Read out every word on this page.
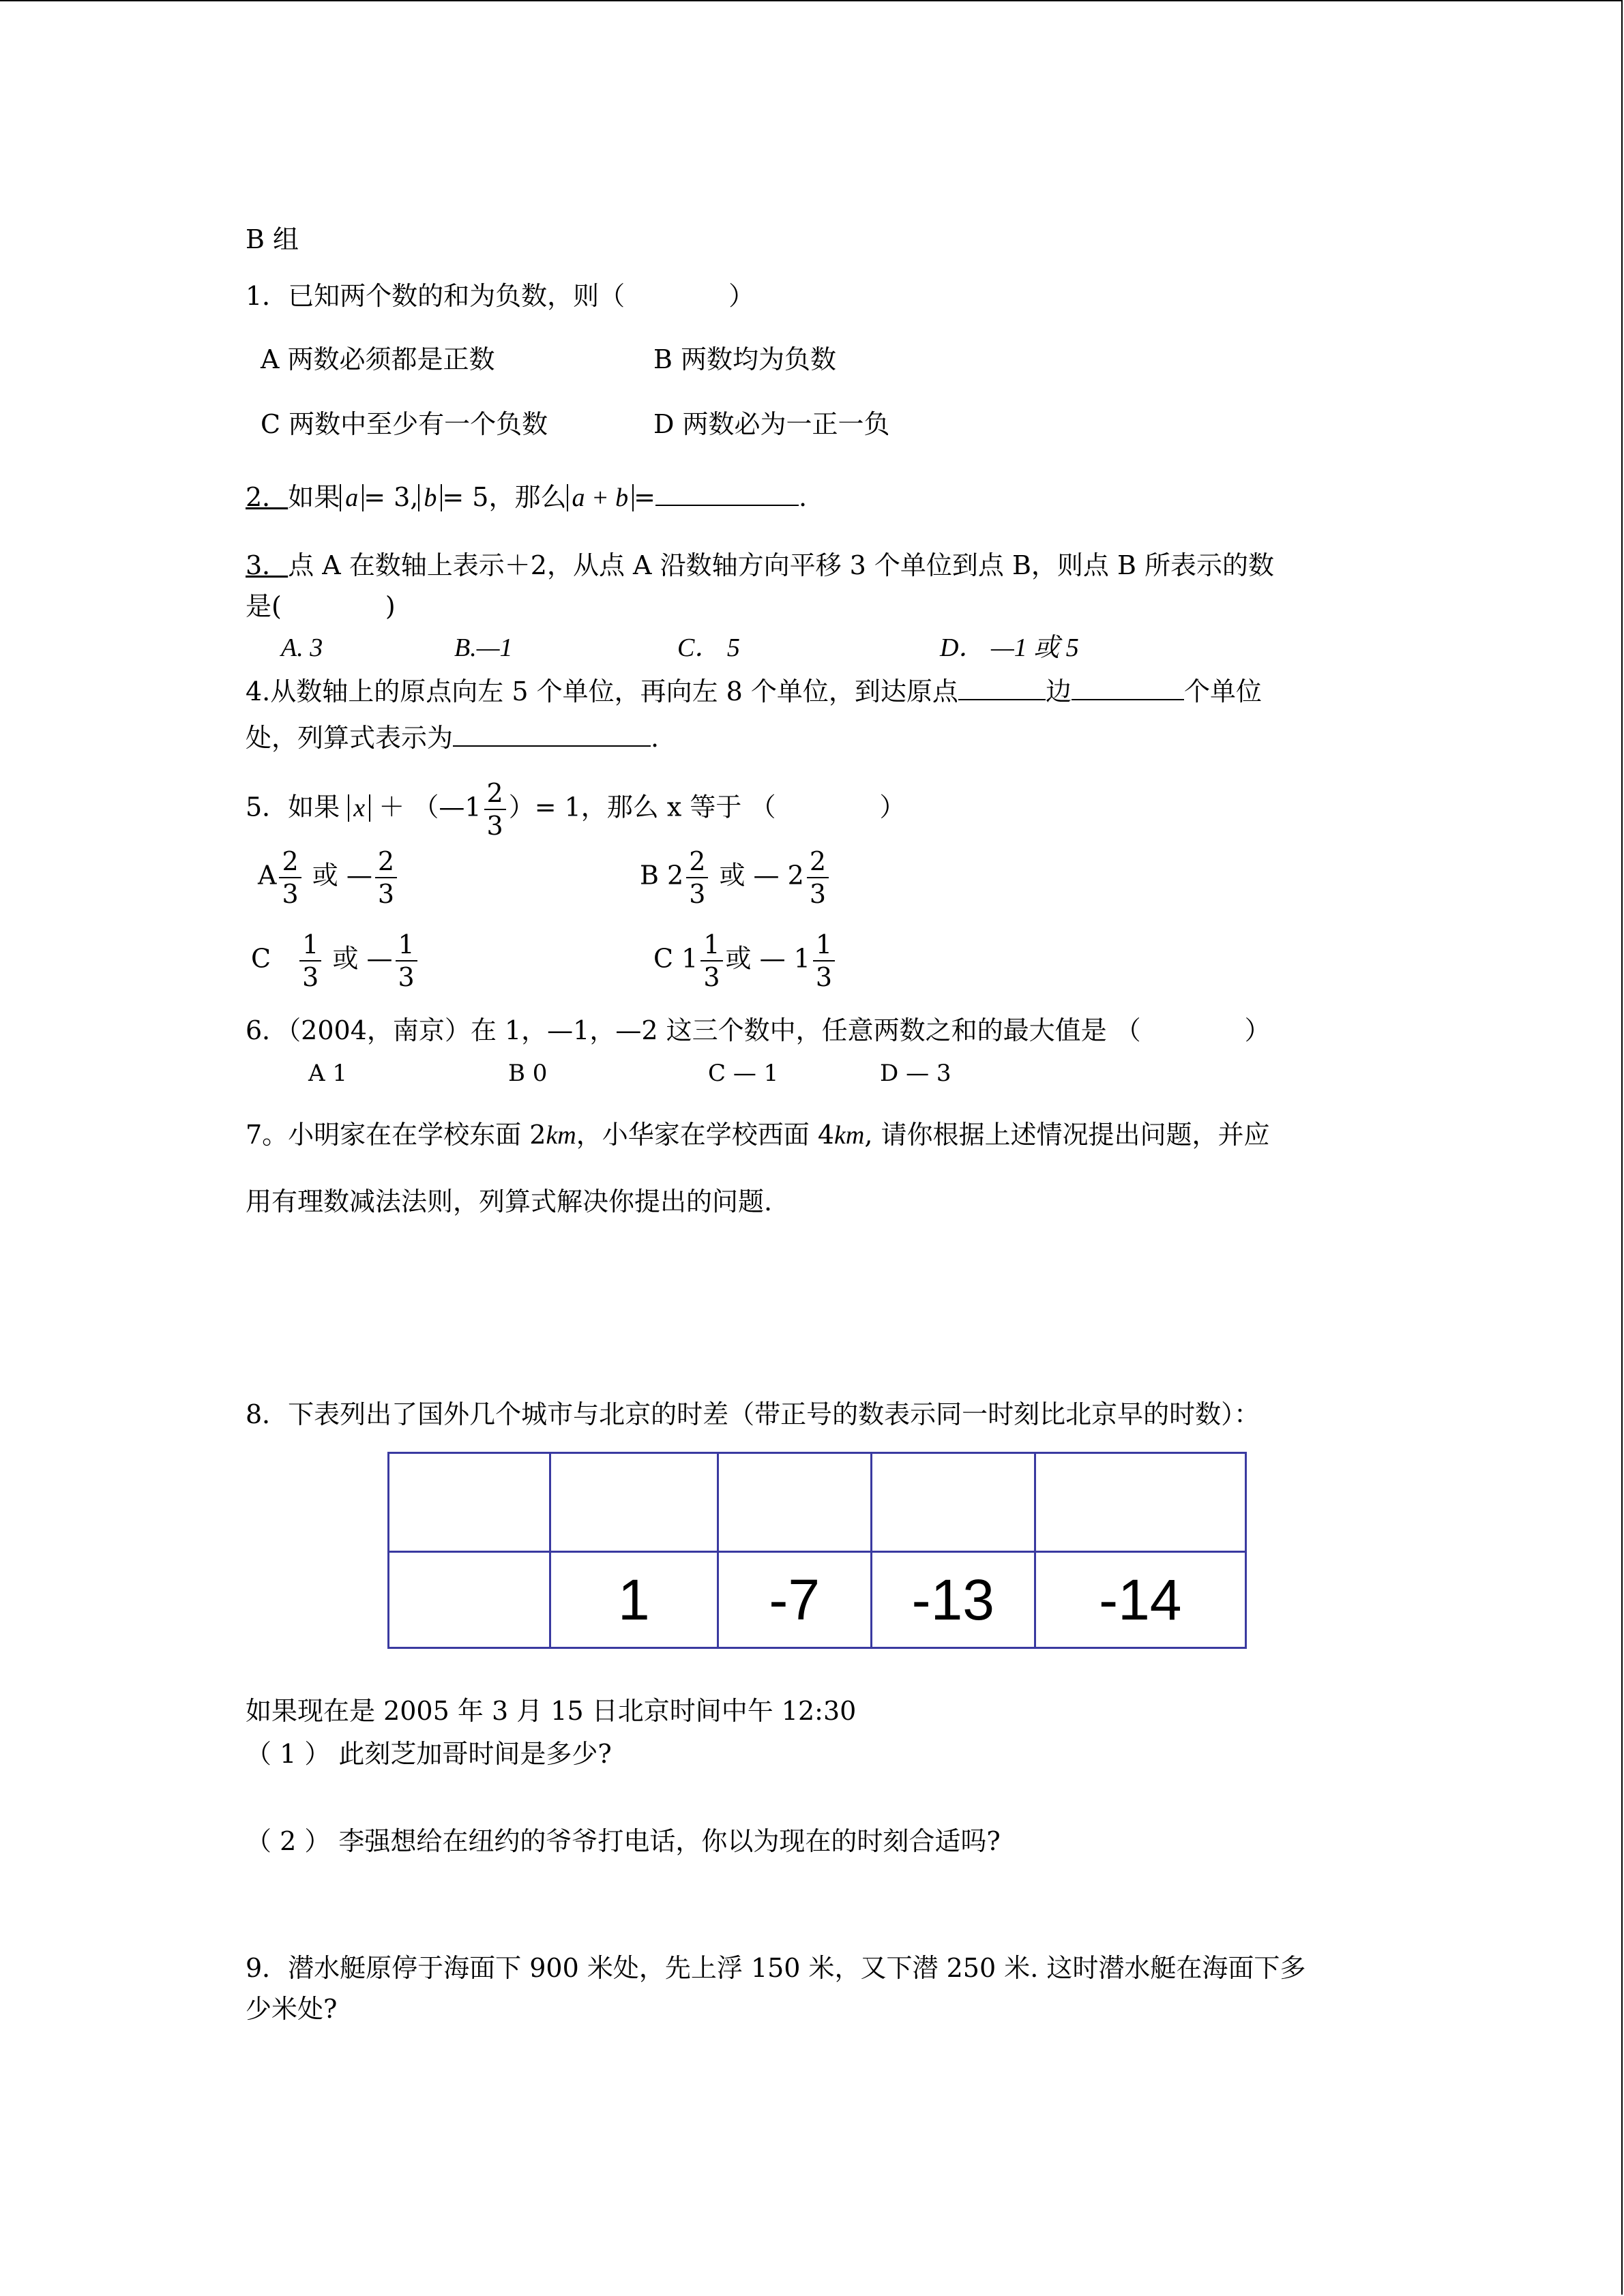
B 组
1．已知两个数的和为负数，则（　　　　）
A 两数必须都是正数	B 两数均为负数
C 两数中至少有一个负数	D 两数必为一正一负
2．如果 a = 3, b = 5，那么 a + b =	.
3．点 A 在数轴上表示＋2，从点 A 沿数轴方向平移 3 个单位到点 B，则点 B 所表示的数
是(　　　　)
A. 3	B.—1	C． 5	D． —1 或 5
4.从数轴上的原点向左 5 个单位，再向左 8 个单位，到达原点	边	个单位
处，列算式表示为	.
5．如果 x ＋ （—1 $\frac{2}{3}$ ）= 1，那么 x 等于 （　　　　）
A $\frac{2}{3}$ 或 — $\frac{2}{3}$	B $2 \frac{2}{3}$ 或 — $2 \frac{2}{3}$
C $\frac{1}{3}$ 或 — $\frac{1}{3}$	C $1 \frac{1}{3}$ 或 — $1 \frac{1}{3}$
6．（2004，南京）在 1，—1，—2 这三个数中，任意两数之和的最大值是 （　　　　）
A 1	B 0	C — 1	D — 3
7。小明家在在学校东面 2km，小华家在学校西面 4km, 请你根据上述情况提出问题，并应
用有理数减法法则，列算式解决你提出的问题.
8．下表列出了国外几个城市与北京的时差（带正号的数表示同一时刻比北京早的时数）：

	1	-7	-13	-14
如果现在是 2005 年 3 月 15 日北京时间中午 12:30
（ 1 ） 此刻芝加哥时间是多少?
（ 2 ） 李强想给在纽约的爷爷打电话，你以为现在的时刻合适吗?
9．潜水艇原停于海面下 900 米处，先上浮 150 米，又下潜 250 米. 这时潜水艇在海面下多
少米处?
